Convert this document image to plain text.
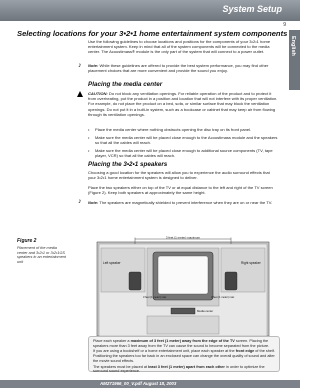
System Setup
9
English
Selecting locations for your 3•2•1 home entertainment system components
Use the following guidelines to choose locations and positions for the components of your 3•2•1 home entertainment system. Keep in mind that all of the system components will be connected to the media center. The Acoustimass® module is the only part of the system that will connect to a power outlet.
♪ Note: While these guidelines are offered to provide the best system performance, you may find other placement choices that are more convenient and provide the sound you enjoy.
Placing the media center
CAUTION: Do not block any ventilation openings. For reliable operation of the product and to protect it from overheating, put the product in a position and location that will not interfere with its proper ventilation. For example, do not place the product on a bed, sofa, or similar surface that may block the ventilation openings. Do not put it in a built-in system, such as a bookcase or cabinet that may keep air from flowing through its ventilation openings.
• Place the media center where nothing obstructs opening the disc tray on its front panel.
• Make sure the media center will be placed close enough to the Acoustimass module and the speakers so that all the cables will reach.
• Make sure the media center will be placed close enough to additional source components (TV, tape player, VCR) so that all the cables will reach.
Placing the 3•2•1 speakers
Choosing a good location for the speakers will allow you to experience the audio surround effects that your 3•2•1 home entertainment system is designed to deliver.
Place the two speakers either on top of the TV or at equal distance to the left and right of the TV screen (Figure 2). Keep both speakers at approximately the same height.
♪ Note: The speakers are magnetically shielded to prevent interference when they are on or near the TV.
Figure 2
Placement of the media center and 3•2•1 or 3•2•1GS speakers in an entertainment unit
3 feet (1 meter) maximum
Left speaker	Right speaker
Media center
3 feet (1 meter) max	3 feet (1 meter) max

Place each speaker a maximum of 3 feet (1 meter) away from the edge of the TV screen. Placing the speakers more than 3 feet away from the TV can cause the sound to become separated from the picture.

If you are using a bookshelf or a home entertainment unit, place each speaker at the front edge of the shelf. Positioning the speakers too far back in an enclosed space can change the overall quality of sound and alter the movie sound effects.

The speakers must be placed at least 3 feet (1 meter) apart from each other in order to optimize the surround sound experience.

AM271966_00_V.pdf August 18, 2003
